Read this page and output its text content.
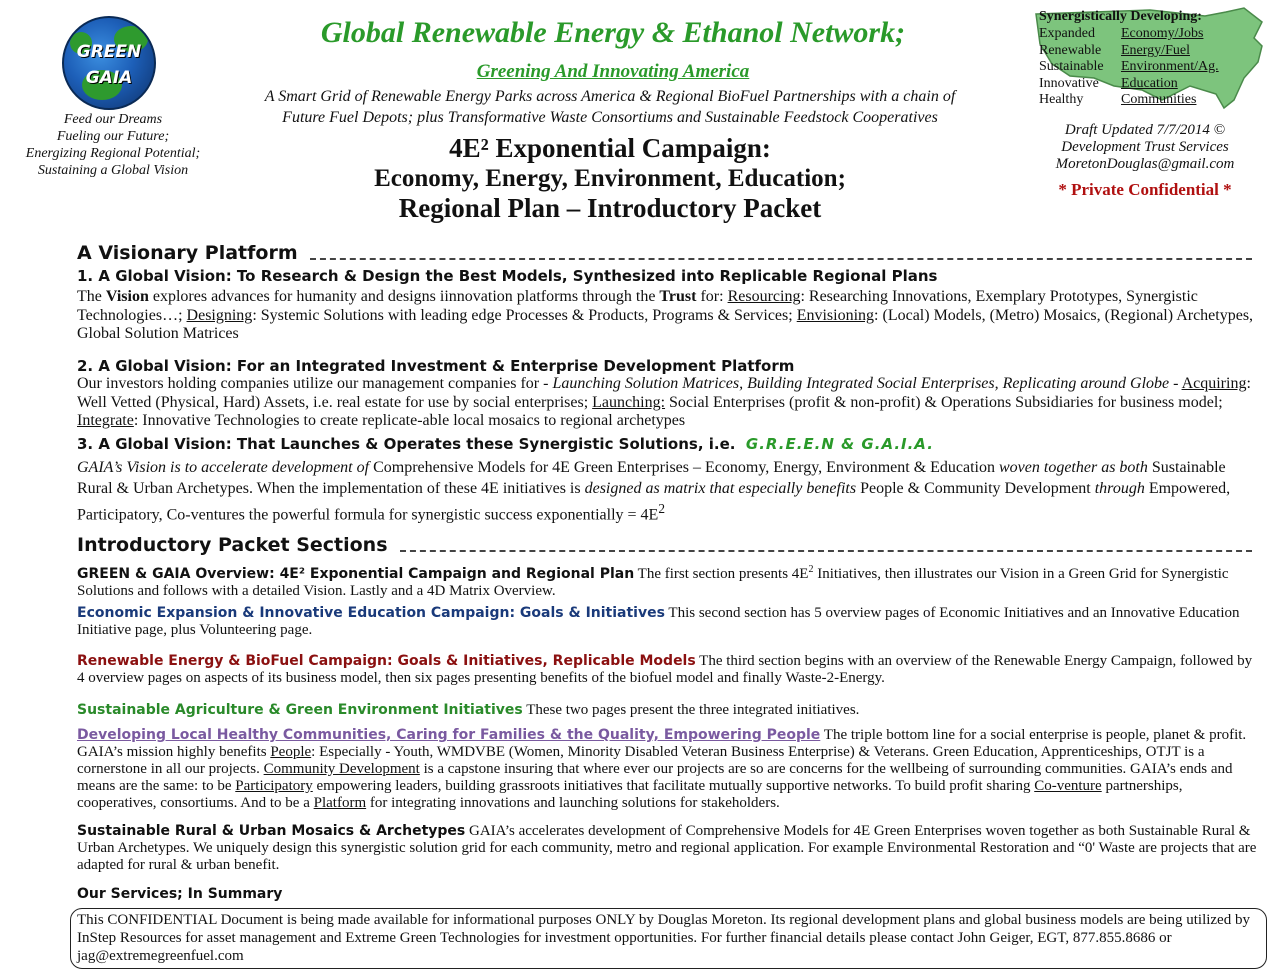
GREEN
GAIA
Feed our Dreams
Fueling our Future;
Energizing Regional Potential;
Sustaining a Global Vision
Global Renewable Energy & Ethanol Network;
Greening And Innovating America
A Smart Grid of Renewable Energy Parks across America & Regional BioFuel Partnerships with a chain of
Future Fuel Depots; plus Transformative Waste Consortiums and Sustainable Feedstock Cooperatives
4E² Exponential Campaign:
Economy, Energy, Environment, Education;
Regional Plan – Introductory Packet
Synergistically Developing:
Expanded	Economy/Jobs
Renewable	Energy/Fuel
Sustainable	Environment/Ag.
Innovative	Education
Healthy	Communities
Draft Updated 7/7/2014 ©
Development Trust Services
MoretonDouglas@gmail.com
* Private Confidential *
A Visionary Platform
1. A Global Vision: To Research & Design the Best Models, Synthesized into Replicable Regional Plans
The Vision explores advances for humanity and designs iinnovation platforms through the Trust for: Resourcing: Researching Innovations, Exemplary Prototypes, Synergistic Technologies…; Designing: Systemic Solutions with leading edge Processes & Products, Programs & Services; Envisioning: (Local) Models, (Metro) Mosaics, (Regional) Archetypes, Global Solution Matrices
2. A Global Vision: For an Integrated Investment & Enterprise Development Platform
Our investors holding companies utilize our management companies for - Launching Solution Matrices, Building Integrated Social Enterprises, Replicating around Globe - Acquiring: Well Vetted (Physical, Hard) Assets, i.e. real estate for use by social enterprises; Launching: Social Enterprises (profit & non-profit) & Operations Subsidiaries for business model; Integrate: Innovative Technologies to create replicate-able local mosaics to regional archetypes
3. A Global Vision: That Launches & Operates these Synergistic Solutions, i.e. G.R.E.E.N & G.A.I.A.
GAIA’s Vision is to accelerate development of Comprehensive Models for 4E Green Enterprises – Economy, Energy, Environment & Education woven together as both Sustainable Rural & Urban Archetypes. When the implementation of these 4E initiatives is designed as matrix that especially benefits People & Community Development through Empowered, Participatory, Co-ventures the powerful formula for synergistic success exponentially = $4E^2$
Introductory Packet Sections
GREEN & GAIA Overview: 4E² Exponential Campaign and Regional Plan The first section presents $4E^2$ Initiatives, then illustrates our Vision in a Green Grid for Synergistic Solutions and follows with a detailed Vision. Lastly and a 4D Matrix Overview.
Economic Expansion & Innovative Education Campaign: Goals & Initiatives This second section has 5 overview pages of Economic Initiatives and an Innovative Education Initiative page, plus Volunteering page.
Renewable Energy & BioFuel Campaign: Goals & Initiatives, Replicable Models The third section begins with an overview of the Renewable Energy Campaign, followed by 4 overview pages on aspects of its business model, then six pages presenting benefits of the biofuel model and finally Waste-2-Energy.
Sustainable Agriculture & Green Environment Initiatives These two pages present the three integrated initiatives.
Developing Local Healthy Communities, Caring for Families & the Quality, Empowering People The triple bottom line for a social enterprise is people, planet & profit. GAIA’s mission highly benefits People: Especially - Youth, WMDVBE (Women, Minority Disabled Veteran Business Enterprise) & Veterans. Green Education, Apprenticeships, OTJT is a cornerstone in all our projects. Community Development is a capstone insuring that where ever our projects are so are concerns for the wellbeing of surrounding communities. GAIA’s ends and means are the same: to be Participatory empowering leaders, building grassroots initiatives that facilitate mutually supportive networks. To build profit sharing Co-venture partnerships, cooperatives, consortiums. And to be a Platform for integrating innovations and launching solutions for stakeholders.
Sustainable Rural & Urban Mosaics & Archetypes GAIA’s accelerates development of Comprehensive Models for 4E Green Enterprises woven together as both Sustainable Rural & Urban Archetypes. We uniquely design this synergistic solution grid for each community, metro and regional application. For example Environmental Restoration and “0' Waste are projects that are adapted for rural & urban benefit.
Our Services; In Summary
This CONFIDENTIAL Document is being made available for informational purposes ONLY by Douglas Moreton. Its regional development plans and global business models are being utilized by InStep Resources for asset management and Extreme Green Technologies for investment opportunities. For further financial details please contact John Geiger, EGT, 877.855.8686 or jag@extremegreenfuel.com
